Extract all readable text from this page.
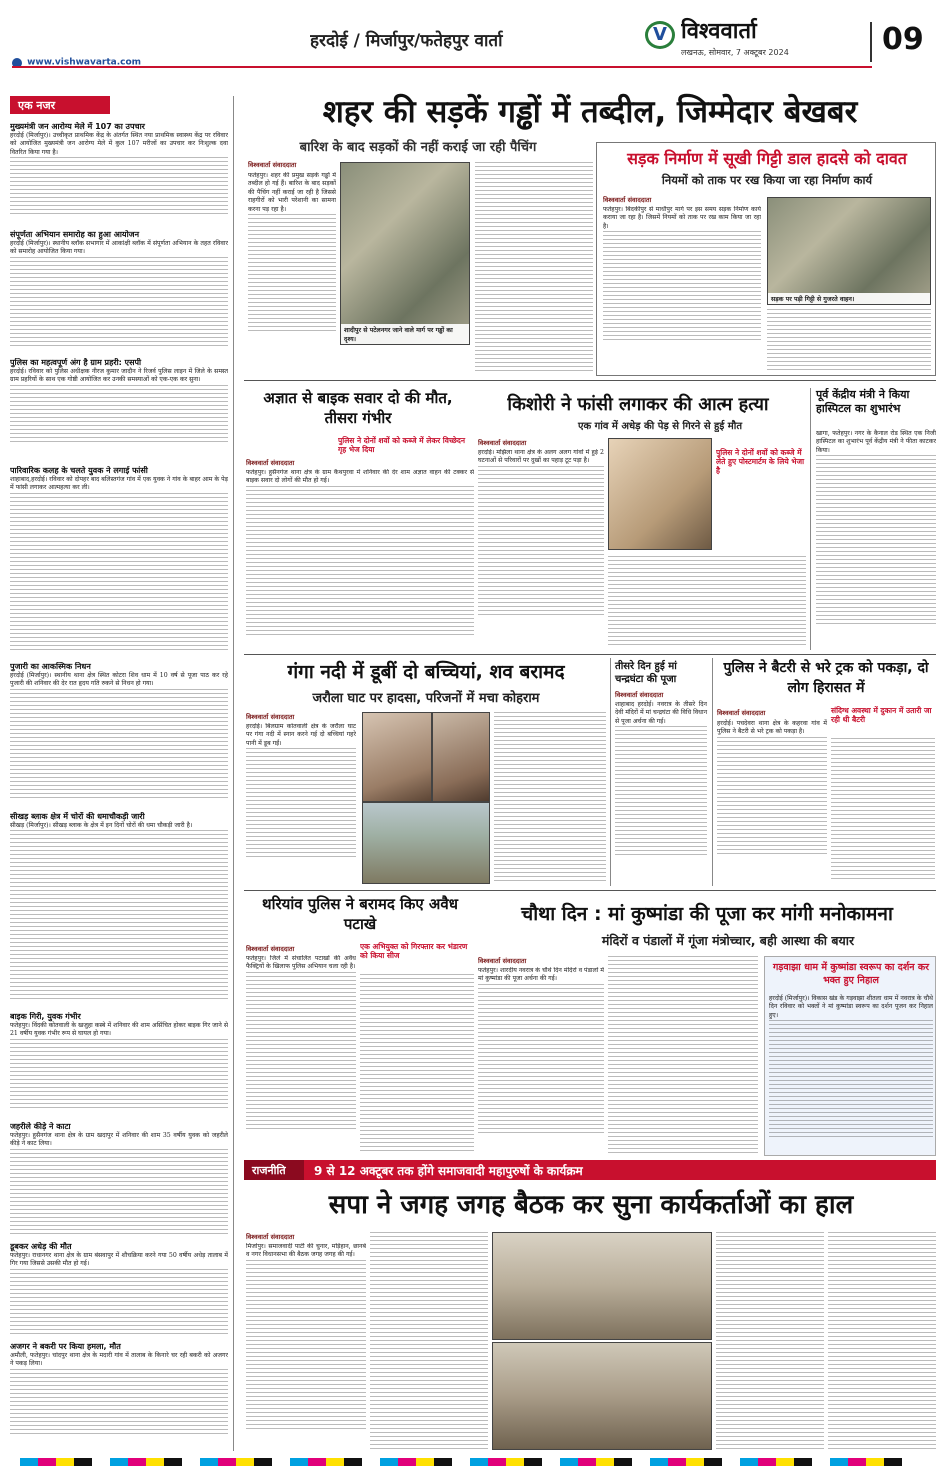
हरदोई / मिर्जापुर/फतेहपुर वार्ता	V विश्ववार्ता
लखनऊ, सोमवार, 7 अक्टूबर 2024	09
www.vishwavarta.com
एक नजर
मुख्यमंत्री जन आरोग्य मेले में 107 का उपचार
हरदोई (मिर्जापुर)। उच्चीकृत प्राथमिक केंद्र के अंतर्गत स्थित नया प्राथमिक स्वास्थ्य केंद्र पर रविवार को आयोजित मुख्यमंत्री जन आरोग्य मेले में कुल 107 मरीजों का उपचार कर निःशुल्क दवा वितरित किया गया है।
संपूर्णता अभियान समारोह का हुआ आयोजन
हरदोई (मिर्जापुर)। स्थानीय ब्लॉक सभागार में आकांक्षी ब्लॉक में संपूर्णता अभियान के तहत रविवार को समारोह आयोजित किया गया।
पुलिस का महत्वपूर्ण अंग है ग्राम प्रहरी: एसपी
हरदोई। रविवार को पुलिस अधीक्षक नीरज कुमार जादौन ने रिजर्व पुलिस लाइन में जिले के समस्त ग्राम प्रहरियों के साथ एक गोष्ठी आयोजित कर उनकी समस्याओं को एक-एक कर सुना।
पारिवारिक कलह के चलते युवक ने लगाई फांसी
शाहाबाद,हरदोई। रविवार को दोपहर बाद बलिस्तगंज गांव में एक युवक ने गांव के बाहर आम के पेड़ में फांसी लगाकर आत्महत्या कर ली।
पुजारी का आकस्मिक निधन
हरदोई (मिर्जापुर)। स्थानीय थाना क्षेत्र स्थित कोटरा शिव धाम में 10 वर्ष से पूजा पाठ कर रहे पुजारी की शनिवार की देर रात हृदय गति रुकने से निधन हो गया।
सीखड़ ब्लाक क्षेत्र में चोरों की धमाचौकड़ी जारी
सीखड़ (मिर्जापुर)। सीखड़ ब्लाक के क्षेत्र में इन दिनों चोरों की धमा चौकड़ी जारी है।
बाइक गिरी, युवक गंभीर
फतेहपुर। विंदकी कोतवाली के खजुहा कस्बे में शनिवार की शाम असिंचित होकर बाइक गिर जाने से 21 वर्षीय युवक गंभीर रूप से घायल हो गया।
जहरीले कीड़े ने काटा
फतेहपुर। हुसैनगंज थाना क्षेत्र के ग्राम खदापुर में शनिवार की शाम 35 वर्षीय युवक को जहरीले कीड़े ने काट लिया।
डूबकर अधेड़ की मौत
फतेहपुर। राधानगर थाना क्षेत्र के ग्राम बंसवापुर में शौचक्रिया करने गया 50 वर्षीय अधेड़ तालाब में गिर गया जिससे उसकी मौत हो गई।
अजगर ने बकरी पर किया हमला, मौत
अमौली, फतेहपुर। चांदपुर थाना क्षेत्र के मदारी गांव में तालाब के किनारे चर रही बकरी को अजगर ने पकड़ लिया।
शहर की सड़कें गड्ढों में तब्दील, जिम्मेदार बेखबर
बारिश के बाद सड़कों की नहीं कराई जा रही पैचिंग
विश्ववार्ता संवाददाता
फतेहपुर। शहर की प्रमुख सड़कें गड्ढों में तब्दील हो गई हैं। बारिश के बाद सड़कों की पैचिंग नहीं कराई जा रही है जिससे राहगीरों को भारी परेशानी का सामना करना पड़ रहा है।
शादीपुर से पटेलनगर जाने वाले मार्ग पर गड्ढों का दृश्य।
सड़क निर्माण में सूखी गिट्टी डाल हादसे को दावत
नियमों को ताक पर रख किया जा रहा निर्माण कार्य
विश्ववार्ता संवाददाता
फतेहपुर। बिंदकीपुर से माधौपुर मार्ग पर इस समय सड़क निर्माण कार्य कराया जा रहा है। जिसमें नियमों को ताक पर रख काम किया जा रहा है।
सड़क पर पड़ी गिट्टी से गुजरते वाहन।
अज्ञात से बाइक सवार दो की मौत, तीसरा गंभीर
पुलिस ने दोनों शवों को कब्जे में लेकर विच्छेदन गृह भेज दिया
विश्ववार्ता संवाददाता
फतेहपुर। हुसैनगंज थाना क्षेत्र के ग्राम कैथपुरवा में शनिवार की देर शाम अज्ञात वाहन की टक्कर से बाइक सवार दो लोगों की मौत हो गई।
किशोरी ने फांसी लगाकर की आत्म हत्या
एक गांव में अधेड़ की पेड़ से गिरने से हुई मौत
विश्ववार्ता संवाददाता
हरदोई। मझिला थाना क्षेत्र के अलग अलग गांवों में हुई 2 घटनाओं से परिवारों पर दुखों का पहाड़ टूट पड़ा है।
पुलिस ने दोनों शवों को कब्जे में लेते हुए पोस्टमार्टम के लिये भेजा है
पूर्व केंद्रीय मंत्री ने किया हास्पिटल का शुभारंभ
खागा, फतेहपुर। नगर के कैनाल रोड स्थित एक निजी हास्पिटल का शुभारंभ पूर्व केंद्रीय मंत्री ने फीता काटकर किया।
गंगा नदी में डूबीं दो बच्चियां, शव बरामद
जरौला घाट पर हादसा, परिजनों में मचा कोहराम
विश्ववार्ता संवाददाता
हरदोई। बिलग्राम कोतवाली क्षेत्र के जरौला घाट पर गंगा नदी में स्नान करने गई दो बच्चियां गहरे पानी में डूब गईं।
तीसरे दिन हुई मां चन्द्रघंटा की पूजा
विश्ववार्ता संवाददाता
शाहाबाद हरदोई। नवरात्र के तीसरे दिन देवी मंदिरों में मां चन्द्रघंटा की विधि विधान से पूजा अर्चना की गई।
पुलिस ने बैटरी से भरे ट्रक को पकड़ा, दो लोग हिरासत में
विश्ववार्ता संवाददाता	संदिग्ध अवस्था में दुकान में उतारी जा रही थी बैटरी
हरदोई। पचदेवरा थाना क्षेत्र के कहरवा गांव में पुलिस ने बैटरी से भरे ट्रक को पकड़ा है।
थरियांव पुलिस ने बरामद किए अवैध पटाखे
विश्ववार्ता संवाददाता	एक अभियुक्त को गिरफ्तार कर भंडारण को किया सीज
फतेहपुर। जिले में संचालित पटाखों की अवैध फैक्ट्रियों के खिलाफ पुलिस अभियान चला रही है।
चौथा दिन : मां कुष्मांडा की पूजा कर मांगी मनोकामना
मंदिरों व पंडालों में गूंजा मंत्रोच्चार, बही आस्था की बयार
विश्ववार्ता संवाददाता
फतेहपुर। शारदीय नवरात्र के चौथे दिन मंदिरों व पंडालों में मां कुष्मांडा की पूजा अर्चना की गई।
गड़वाझा धाम में कुष्मांडा स्वरूप का दर्शन कर भक्त हुए निहाल
हरदोई (मिर्जापुर)। विकास खंड के गड़वाझा शीतला धाम में नवरात्र के चौथे दिन रविवार को भक्तों ने मां कुष्मांडा स्वरूप का दर्शन पूजन कर निहाल हुए।
राजनीति	9 से 12 अक्टूबर तक होंगे समाजवादी महापुरुषों के कार्यक्रम
सपा ने जगह जगह बैठक कर सुना कार्यकर्ताओं का हाल
विश्ववार्ता संवाददाता
मिर्जापुर। समाजवादी पार्टी की चुनार, मड़िहान, छानबे व नगर विधानसभा की बैठक जगह जगह की गई।
